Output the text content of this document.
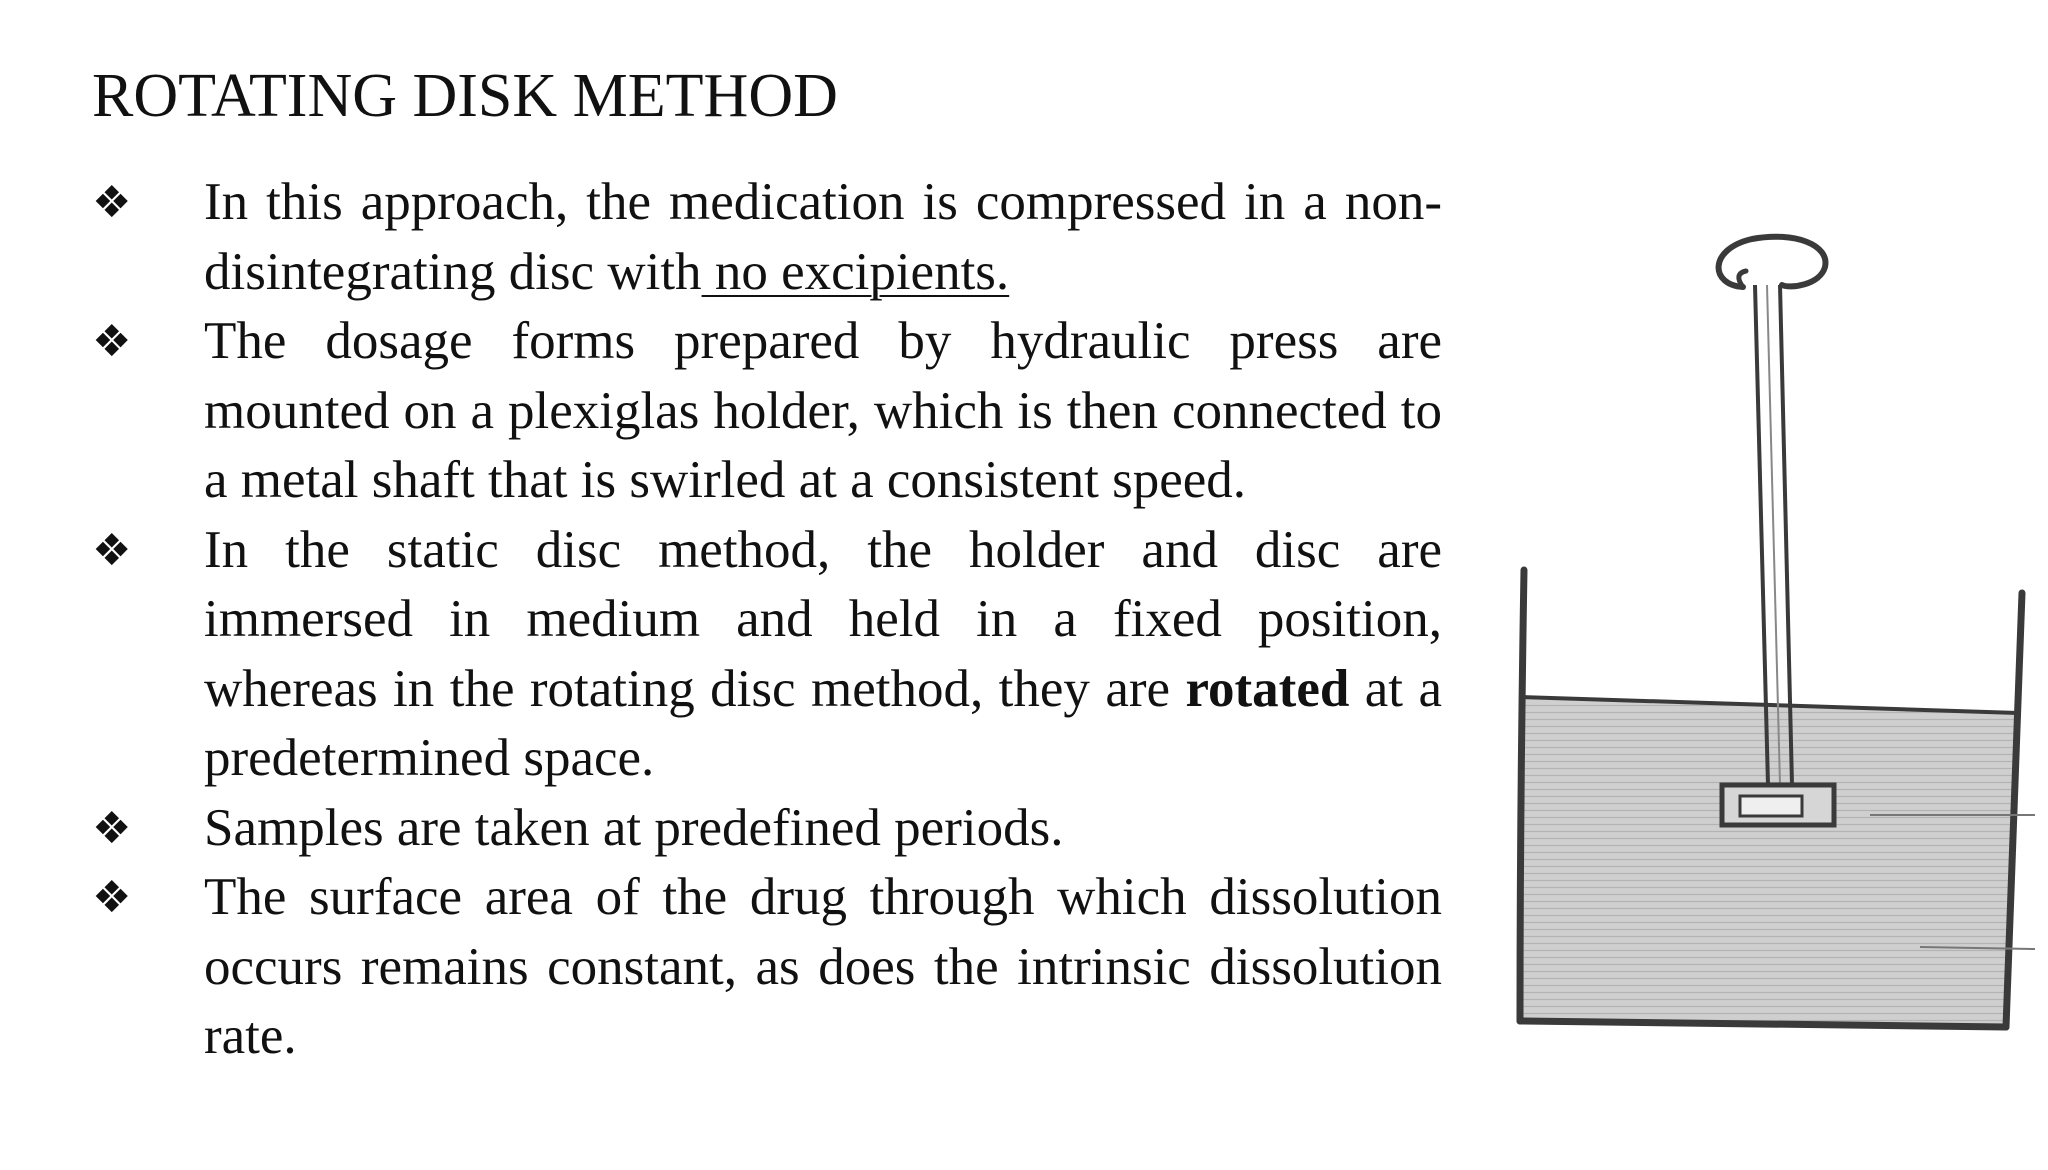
ROTATING DISK METHOD
❖ In this approach, the medication is compressed in a non-disintegrating disc with no excipients.
❖ The dosage forms prepared by hydraulic press are mounted on a plexiglas holder, which is then connected to a metal shaft that is swirled at a consistent speed.
❖ In the static disc method, the holder and disc are immersed in medium and held in a fixed position, whereas in the rotating disc method, they are rotated at a predetermined space.
❖ Samples are taken at predefined periods.
❖ The surface area of the drug through which dissolution occurs remains constant, as does the intrinsic dissolution rate.
